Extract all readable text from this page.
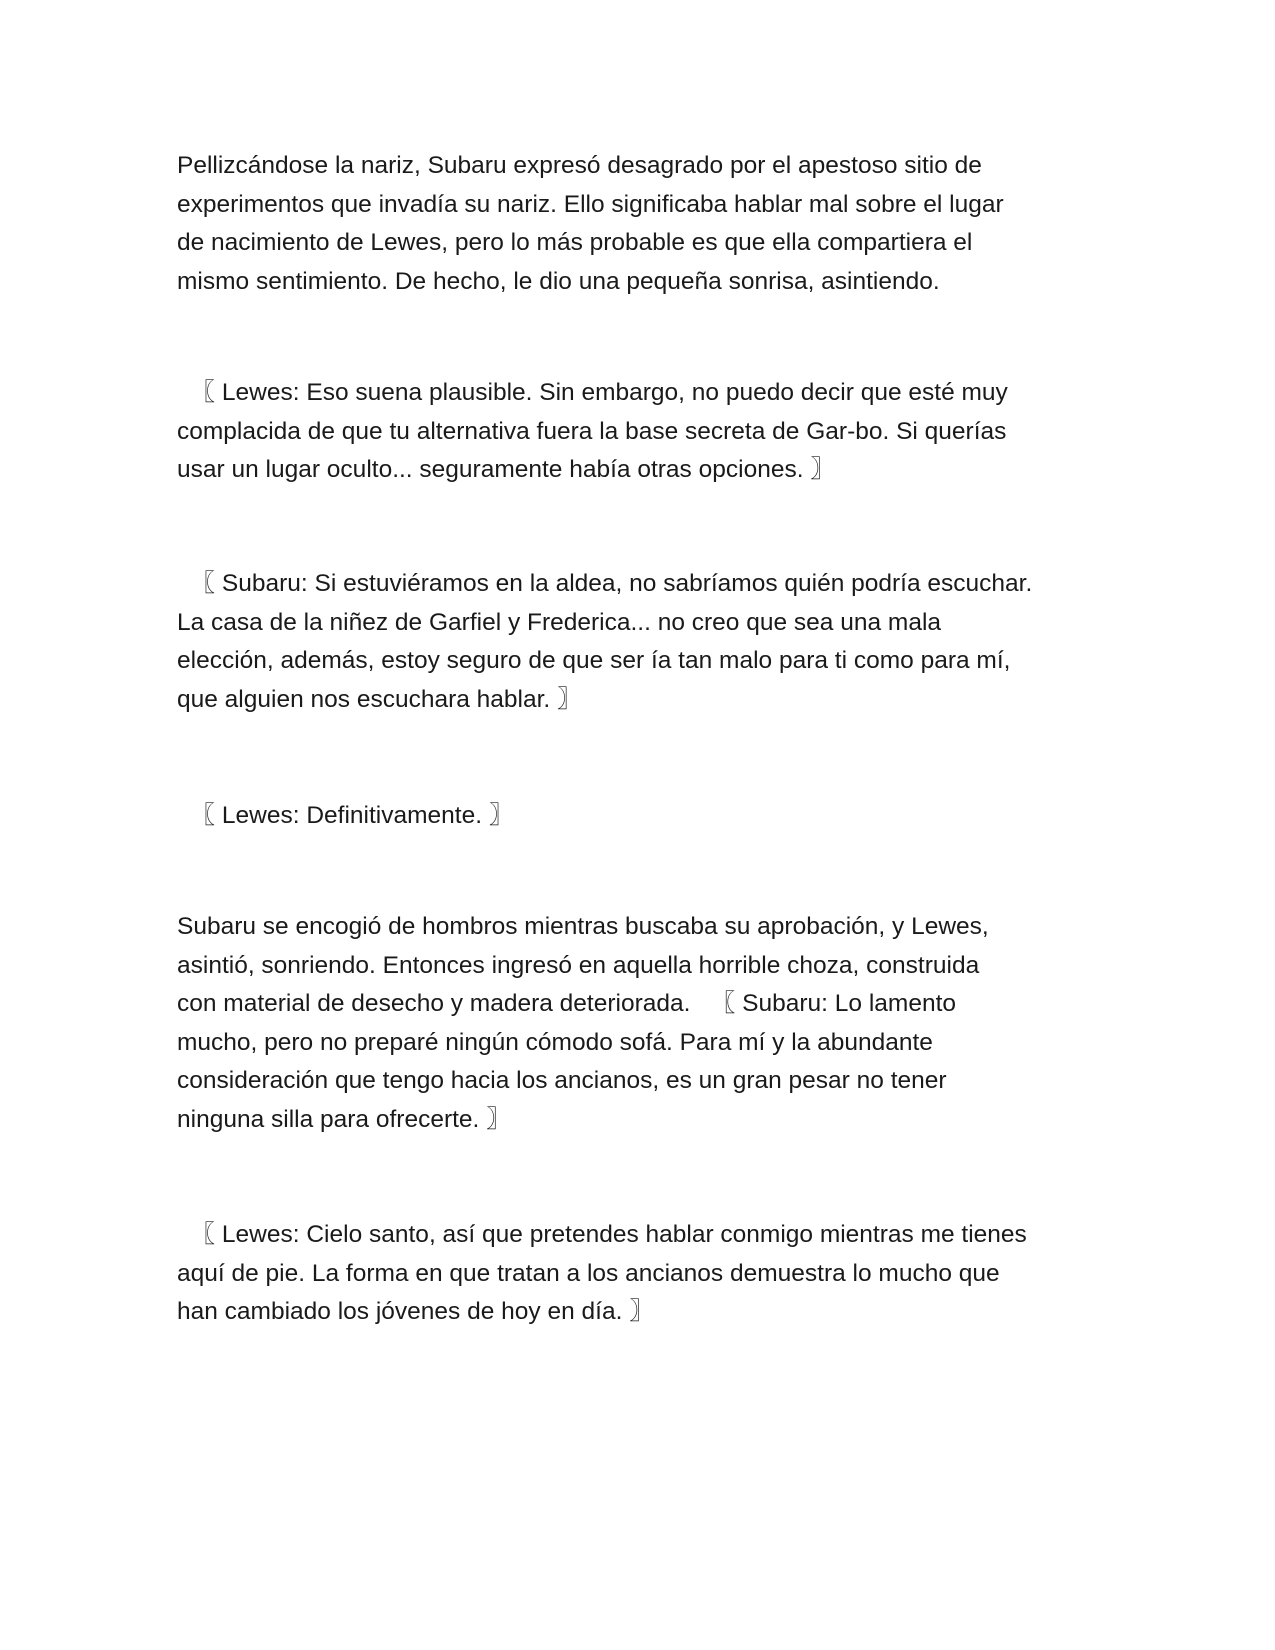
Pellizcándose la nariz, Subaru expresó desagrado por el apestoso sitio de
experimentos que invadía su nariz. Ello significaba hablar mal sobre el lugar
de nacimiento de Lewes, pero lo más probable es que ella compartiera el
mismo sentimiento. De hecho, le dio una pequeña sonrisa, asintiendo.

〖 Lewes: Eso suena plausible. Sin embargo, no puedo decir que esté muy
complacida de que tu alternativa fuera la base secreta de Gar-bo. Si querías
usar un lugar oculto... seguramente había otras opciones. 〗

〖 Subaru: Si estuviéramos en la aldea, no sabríamos quién podría escuchar.
La casa de la niñez de Garfiel y Frederica... no creo que sea una mala
elección, además, estoy seguro de que ser ía tan malo para ti como para mí,
que alguien nos escuchara hablar. 〗

〖 Lewes: Definitivamente. 〗

Subaru se encogió de hombros mientras buscaba su aprobación, y Lewes,
asintió, sonriendo. Entonces ingresó en aquella horrible choza, construida
con material de desecho y madera deteriorada.   〖 Subaru: Lo lamento
mucho, pero no preparé ningún cómodo sofá. Para mí y la abundante
consideración que tengo hacia los ancianos, es un gran pesar no tener
ninguna silla para ofrecerte. 〗

〖 Lewes: Cielo santo, así que pretendes hablar conmigo mientras me tienes
aquí de pie. La forma en que tratan a los ancianos demuestra lo mucho que
han cambiado los jóvenes de hoy en día. 〗
